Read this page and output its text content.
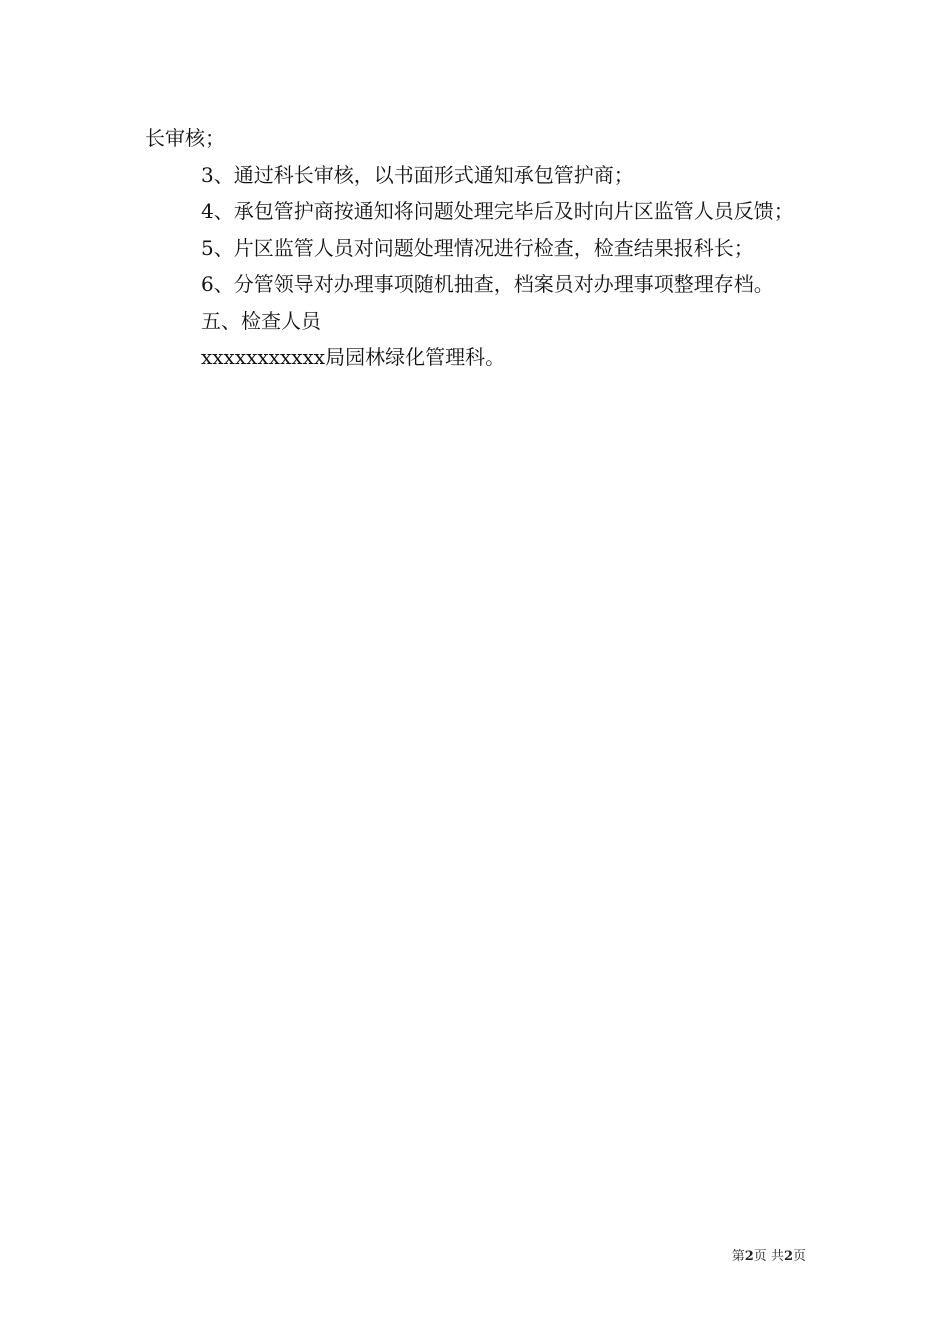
长审核；

3、通过科长审核，以书面形式通知承包管护商；

4、承包管护商按通知将问题处理完毕后及时向片区监管人员反馈；

5、片区监管人员对问题处理情况进行检查，检查结果报科长；

6、分管领导对办理事项随机抽查，档案员对办理事项整理存档。

五、检查人员

xxxxxxxxxxx局园林绿化管理科。

第2页 共2页
